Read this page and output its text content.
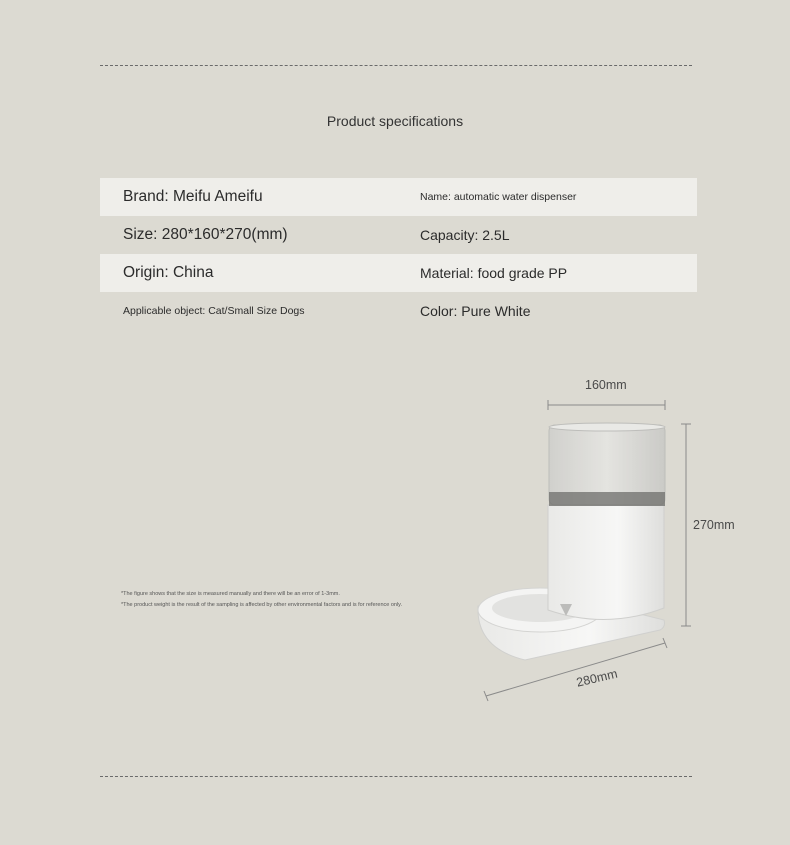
Product specifications
Brand: Meifu Ameifu	Name: automatic water dispenser
Size: 280*160*270(mm)	Capacity: 2.5L
Origin: China	Material: food grade PP
Applicable object: Cat/Small Size Dogs	Color: Pure White
*The figure shows that the size is measured manually and there will be an error of 1-3mm.
*The product weight is the result of the sampling is affected by other environmental factors and is for reference only.
160mm
270mm
280mm
